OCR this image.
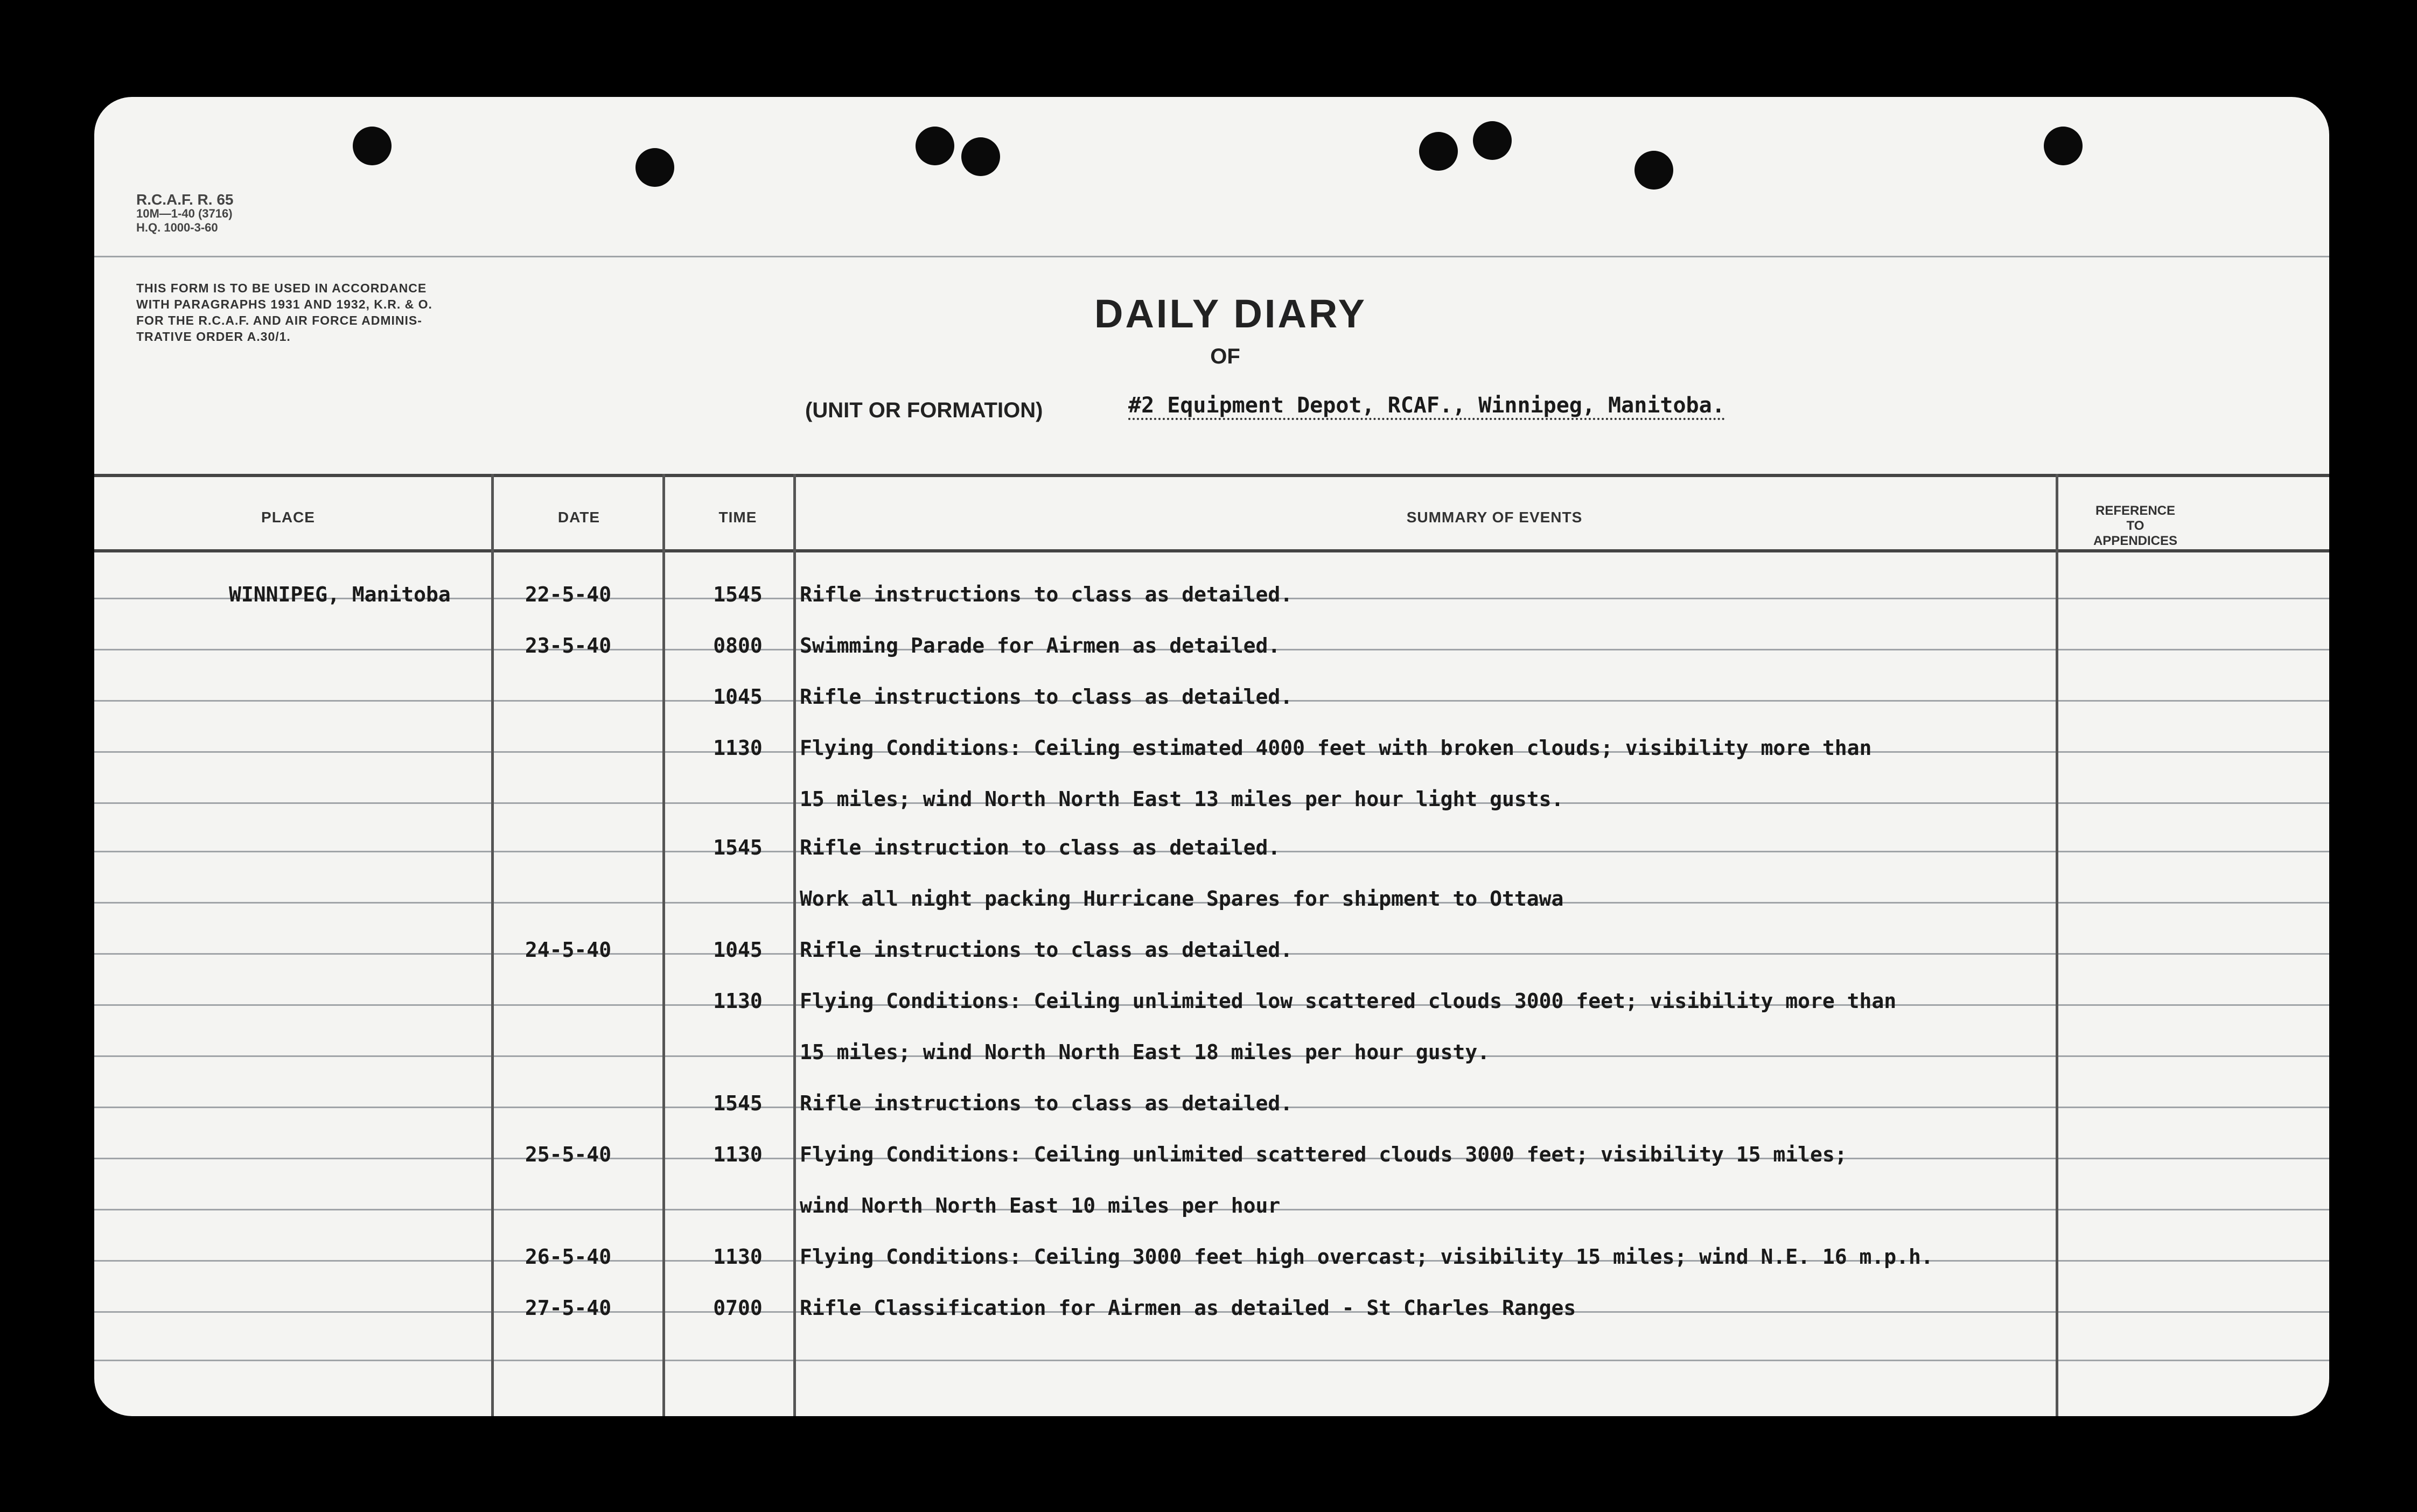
R.C.A.F. R. 65
10M—1-40 (3716)
H.Q. 1000-3-60
THIS FORM IS TO BE USED IN ACCORDANCE
WITH PARAGRAPHS 1931 AND 1932, K.R. & O.
FOR THE R.C.A.F. AND AIR FORCE ADMINIS-
TRATIVE ORDER A.30/1.
DAILY DIARY
OF
(UNIT OR FORMATION)	#2 Equipment Depot, RCAF., Winnipeg, Manitoba.
PLACE	DATE	TIME	SUMMARY OF EVENTS	REFERENCE
TO
APPENDICES
WINNIPEG, Manitoba	22-5-40	1545	Rifle instructions to class as detailed.
23-5-40	0800	Swimming Parade for Airmen as detailed.
1045	Rifle instructions to class as detailed.
1130	Flying Conditions: Ceiling estimated 4000 feet with broken clouds; visibility more than
15 miles; wind North North East 13 miles per hour light gusts.
1545	Rifle instruction to class as detailed.
Work all night packing Hurricane Spares for shipment to Ottawa
24-5-40	1045	Rifle instructions to class as detailed.
1130	Flying Conditions: Ceiling unlimited low scattered clouds 3000 feet; visibility more than
15 miles; wind North North East 18 miles per hour gusty.
1545	Rifle instructions to class as detailed.
25-5-40	1130	Flying Conditions: Ceiling unlimited scattered clouds 3000 feet; visibility 15 miles;
wind North North East 10 miles per hour
26-5-40	1130	Flying Conditions: Ceiling 3000 feet high overcast; visibility 15 miles; wind N.E. 16 m.p.h.
27-5-40	0700	Rifle Classification for Airmen as detailed - St Charles Ranges
